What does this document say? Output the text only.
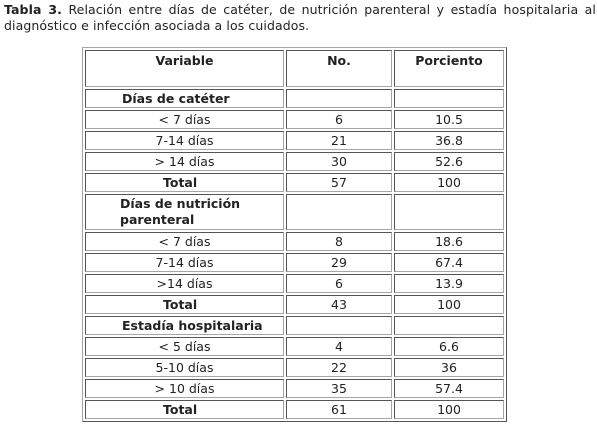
Tabla 3. Relación entre días de catéter, de nutrición parenteral y estadía hospitalaria al diagnóstico e infección asociada a los cuidados.
Variable	No.	Porciento
Días de catéter		
< 7 días	6	10.5
7-14 días	21	36.8
> 14 días	30	52.6
Total	57	100
Días de nutrición parenteral		
< 7 días	8	18.6
7-14 días	29	67.4
>14 días	6	13.9
Total	43	100
Estadía hospitalaria		
< 5 días	4	6.6
5-10 días	22	36
> 10 días	35	57.4
Total	61	100
